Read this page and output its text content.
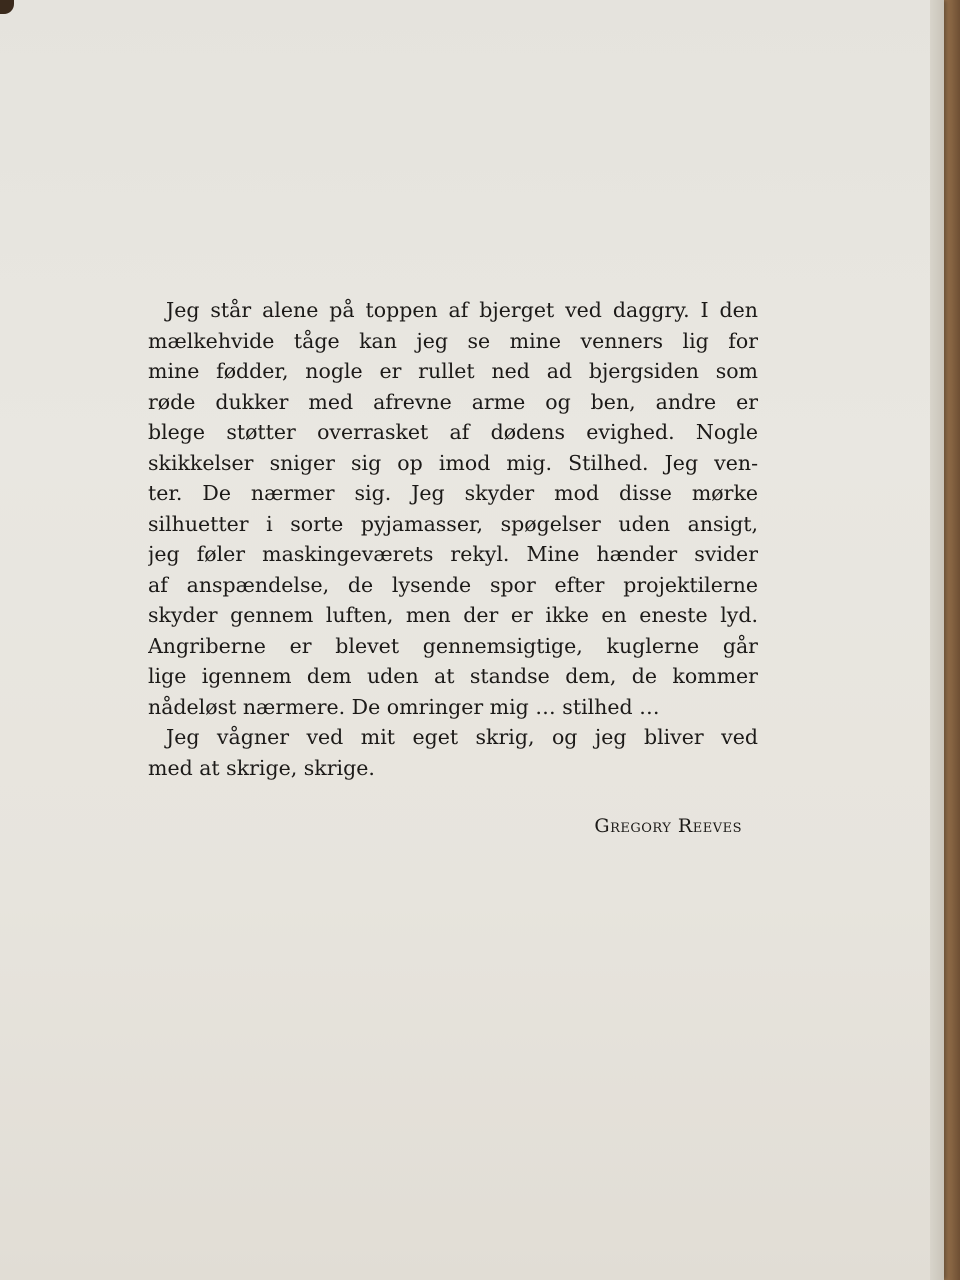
Jeg står alene på toppen af bjerget ved daggry. I den
mælkehvide tåge kan jeg se mine venners lig for
mine fødder, nogle er rullet ned ad bjergsiden som
røde dukker med afrevne arme og ben, andre er
blege støtter overrasket af dødens evighed. Nogle
skikkelser sniger sig op imod mig. Stilhed. Jeg ven-
ter. De nærmer sig. Jeg skyder mod disse mørke
silhuetter i sorte pyjamasser, spøgelser uden ansigt,
jeg føler maskingeværets rekyl. Mine hænder svider
af anspændelse, de lysende spor efter projektilerne
skyder gennem luften, men der er ikke en eneste lyd.
Angriberne er blevet gennemsigtige, kuglerne går
lige igennem dem uden at standse dem, de kommer
nådeløst nærmere. De omringer mig … stilhed …
Jeg vågner ved mit eget skrig, og jeg bliver ved
med at skrige, skrige.
Gregory Reeves
